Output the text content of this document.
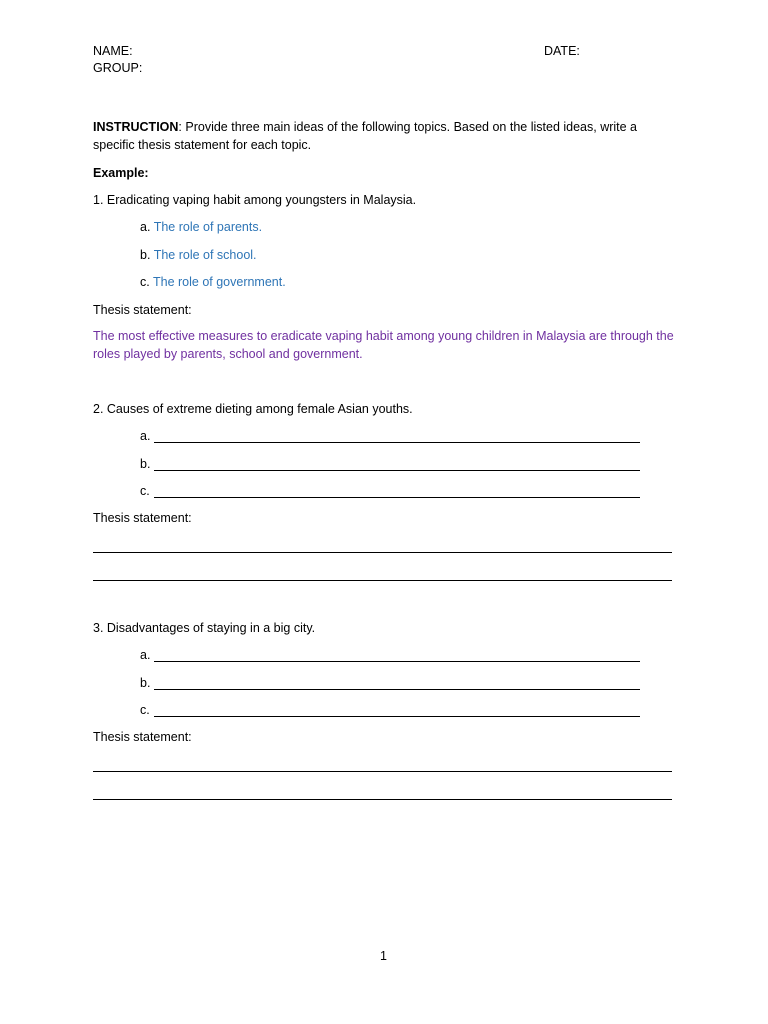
NAME:	DATE:
GROUP:
INSTRUCTION: Provide three main ideas of the following topics. Based on the listed ideas, write a specific thesis statement for each topic.
Example:
1. Eradicating vaping habit among youngsters in Malaysia.
a. The role of parents.
b. The role of school.
c. The role of government.
Thesis statement:
The most effective measures to eradicate vaping habit among young children in Malaysia are through the roles played by parents, school and government.
2. Causes of extreme dieting among female Asian youths.
a.
b.
c.
Thesis statement:
3. Disadvantages of staying in a big city.
a.
b.
c.
Thesis statement:
1
